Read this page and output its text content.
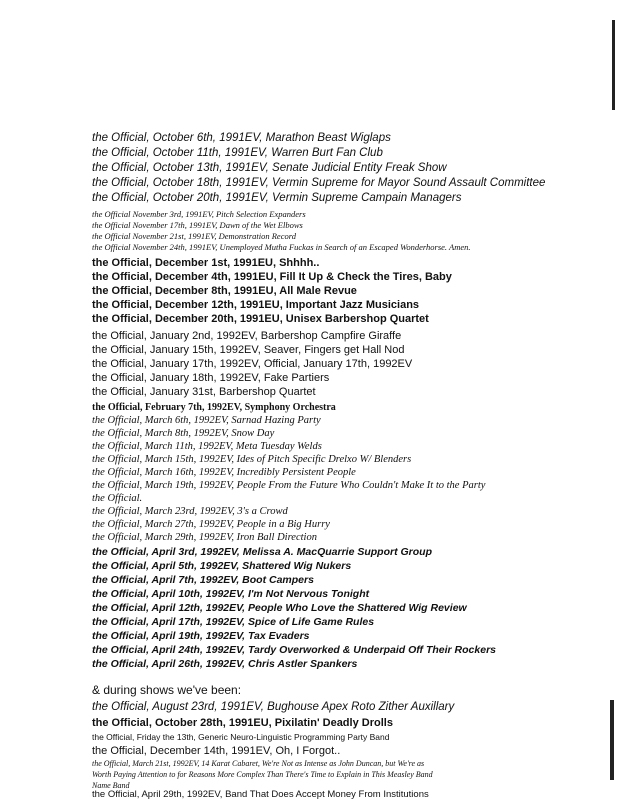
the Official, October 6th, 1991EV, Marathon Beast Wiglaps
the Official, October 11th, 1991EV, Warren Burt Fan Club
the Official, October 13th, 1991EV, Senate Judicial Entity Freak Show
the Official, October 18th, 1991EV, Vermin Supreme for Mayor Sound Assault Committee
the Official, October 20th, 1991EV, Vermin Supreme Campain Managers
the Official November 3rd, 1991EV, Pitch Selection Expanders
the Official November 17th, 1991EV, Dawn of the Wet Elbows
the Official November 21st, 1991EV, Demonstration Record
the Official November 24th, 1991EV, Unemployed Mutha Fuckas in Search of an Escaped Wonderhorse. Amen.
the Official, December 1st, 1991EU, Shhhh..
the Official, December 4th, 1991EU, Fill It Up & Check the Tires, Baby
the Official, December 8th, 1991EU, All Male Revue
the Official, December 12th, 1991EU, Important Jazz Musicians
the Official, December 20th, 1991EU, Unisex Barbershop Quartet
the Official, January 2nd, 1992EV, Barbershop Campfire Giraffe
the Official, January 15th, 1992EV, Seaver, Fingers get Hall Nod
the Official, January 17th, 1992EV, Official, January 17th, 1992EV
the Official, January 18th, 1992EV, Fake Partiers
the Official, January 31st, Barbershop Quartet
the Official, February 7th, 1992EV, Symphony Orchestra
the Official, March 6th, 1992EV, Sarnad Hazing Party
the Official, March 8th, 1992EV, Snow Day
the Official, March 11th, 1992EV, Meta Tuesday Welds
the Official, March 15th, 1992EV, Ides of Pitch Specific Drelxo W/ Blenders
the Official, March 16th, 1992EV, Incredibly Persistent People
the Official, March 19th, 1992EV, People From the Future Who Couldn't Make It to the Party
the Official.
the Official, March 23rd, 1992EV, 3's a Crowd
the Official, March 27th, 1992EV, People in a Big Hurry
the Official, March 29th, 1992EV, Iron Ball Direction
the Official, April 3rd, 1992EV, Melissa A. MacQuarrie Support Group
the Official, April 5th, 1992EV, Shattered Wig Nukers
the Official, April 7th, 1992EV, Boot Campers
the Official, April 10th, 1992EV, I'm Not Nervous Tonight
the Official, April 12th, 1992EV, People Who Love the Shattered Wig Review
the Official, April 17th, 1992EV, Spice of Life Game Rules
the Official, April 19th, 1992EV, Tax Evaders
the Official, April 24th, 1992EV, Tardy Overworked & Underpaid Off Their Rockers
the Official, April 26th, 1992EV, Chris Astler Spankers
& during shows we've been:
the Official, August 23rd, 1991EV, Bughouse Apex Roto Zither Auxillary
the Official, October 28th, 1991EU, Pixilatin' Deadly Drolls
the Official, Friday the 13th, Generic Neuro-Linguistic Programming Party Band
the Official, December 14th, 1991EV, Oh, I Forgot..
the Official, March 21st, 1992EV, 14 Karat Cabaret, We're Not as Intense as John Duncan, but We're as
Worth Paying Attention to for Reasons More Complex Than There's Time to Explain in This Measley Band
Name Band
the Official, April 29th, 1992EV, Band That Does Accept Money From Institutions
